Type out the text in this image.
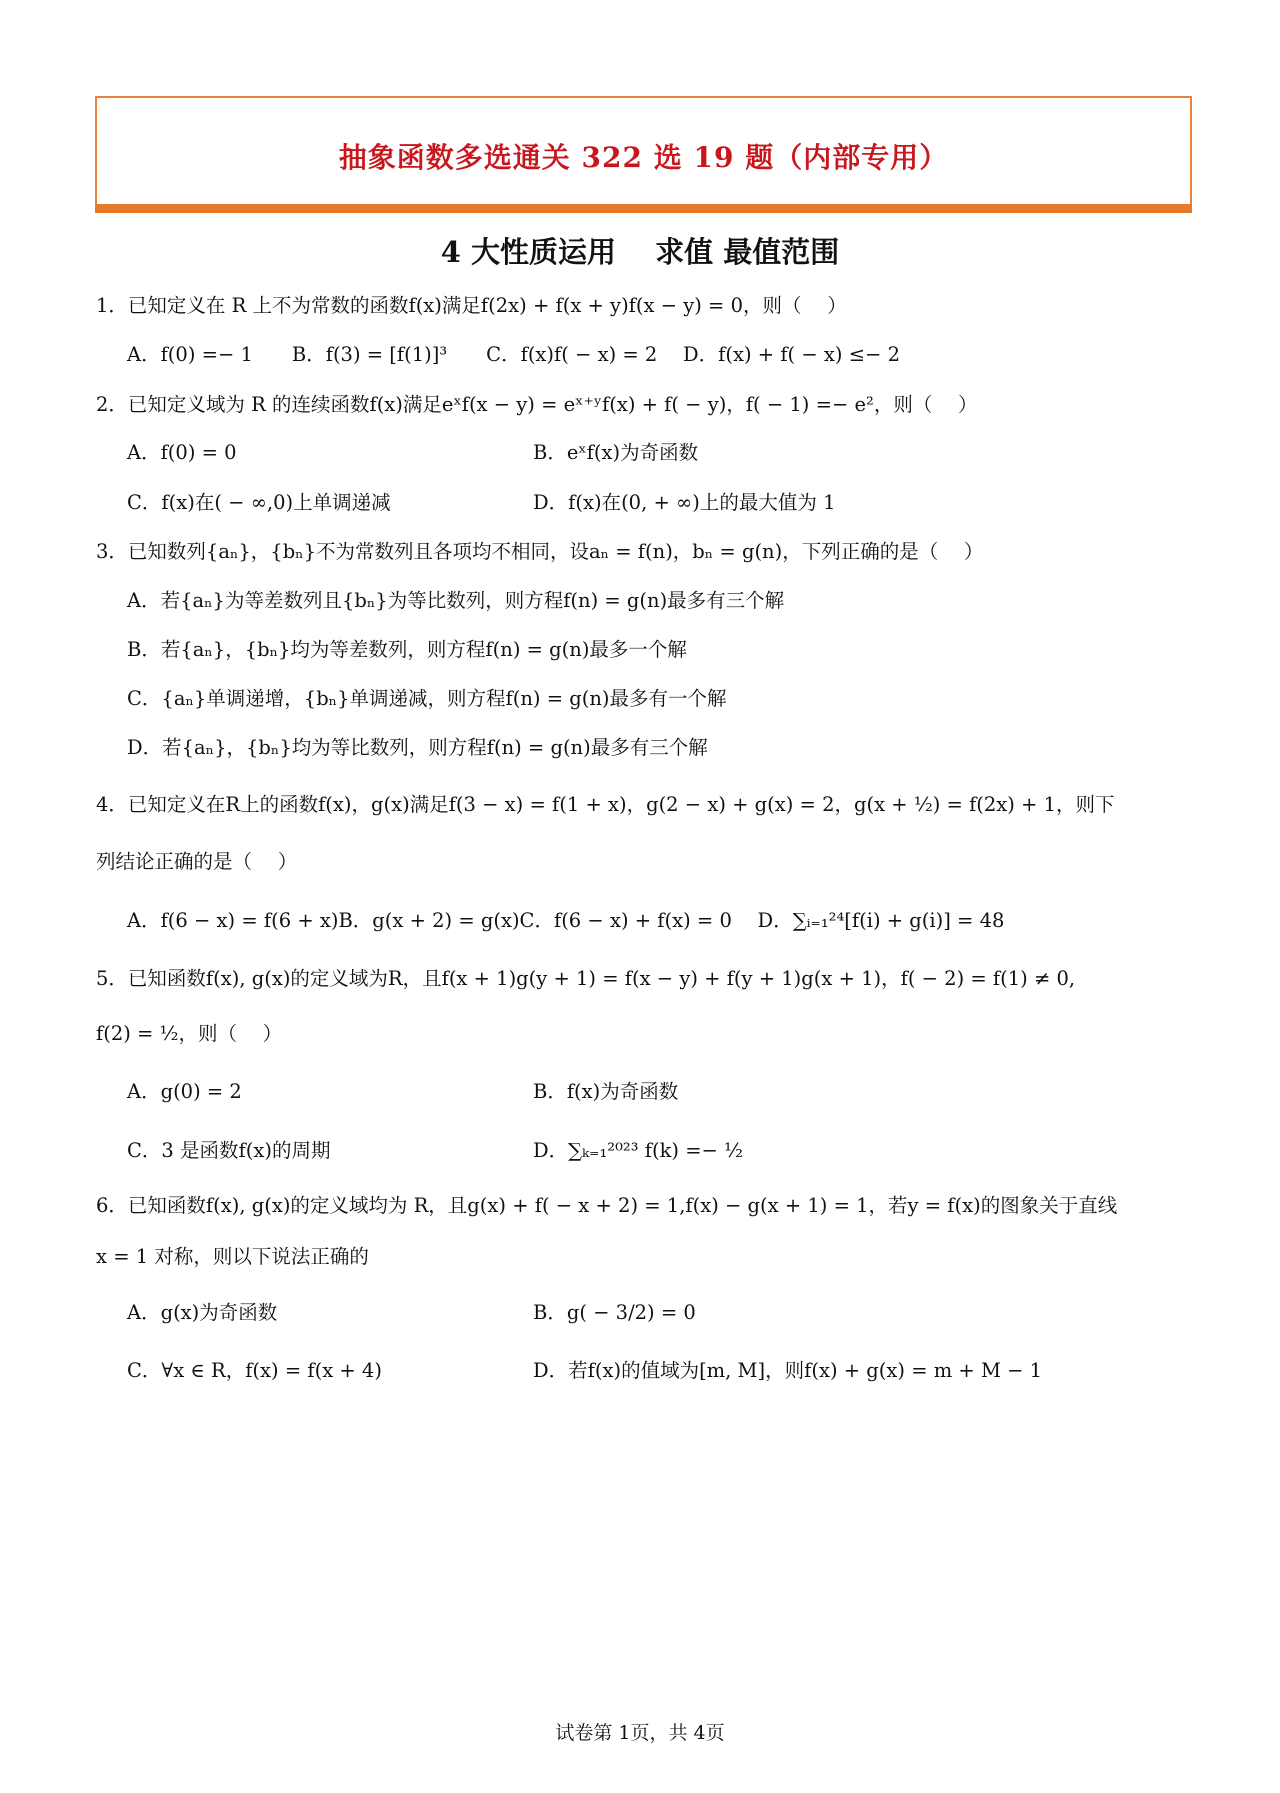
抽象函数多选通关 322 选 19 题（内部专用）
4 大性质运用　 求值 最值范围
1．已知定义在 R 上不为常数的函数f(x)满足f(2x) + f(x + y)f(x − y) = 0，则（　 ）
A．f(0) =− 1　　B．f(3) = [f(1)]³　　C．f(x)f( − x) = 2　 D．f(x) + f( − x) ≤− 2
2．已知定义域为 R 的连续函数f(x)满足eˣf(x − y) = eˣ⁺ʸf(x) + f( − y)，f( − 1) =− e²，则（　 ）
A．f(0) = 0	B．eˣf(x)为奇函数
C．f(x)在( − ∞,0)上单调递减	D．f(x)在(0, + ∞)上的最大值为 1
3．已知数列{aₙ}，{bₙ}不为常数列且各项均不相同，设aₙ = f(n)，bₙ = g(n)，下列正确的是（　 ）
A．若{aₙ}为等差数列且{bₙ}为等比数列，则方程f(n) = g(n)最多有三个解
B．若{aₙ}，{bₙ}均为等差数列，则方程f(n) = g(n)最多一个解
C．{aₙ}单调递增，{bₙ}单调递减，则方程f(n) = g(n)最多有一个解
D．若{aₙ}，{bₙ}均为等比数列，则方程f(n) = g(n)最多有三个解
4．已知定义在R上的函数f(x)，g(x)满足f(3 − x) = f(1 + x)，g(2 − x) + g(x) = 2，g(x + ½) = f(2x) + 1，则下
列结论正确的是（　 ）
A．f(6 − x) = f(6 + x)B．g(x + 2) = g(x)C．f(6 − x) + f(x) = 0　 D．∑ᵢ₌₁²⁴[f(i) + g(i)] = 48
5．已知函数f(x), g(x)的定义域为R，且f(x + 1)g(y + 1) = f(x − y) + f(y + 1)g(x + 1)，f( − 2) = f(1) ≠ 0,
f(2) = ½，则（　 ）
A．g(0) = 2	B．f(x)为奇函数
C．3 是函数f(x)的周期	D．∑ₖ₌₁²⁰²³ f(k) =− ½
6．已知函数f(x), g(x)的定义域均为 R，且g(x) + f( − x + 2) = 1,f(x) − g(x + 1) = 1，若y = f(x)的图象关于直线
x = 1 对称，则以下说法正确的
A．g(x)为奇函数	B．g( − 3/2) = 0
C．∀x ∈ R，f(x) = f(x + 4)	D．若f(x)的值域为[m, M]，则f(x) + g(x) = m + M − 1
试卷第 1页，共 4页
